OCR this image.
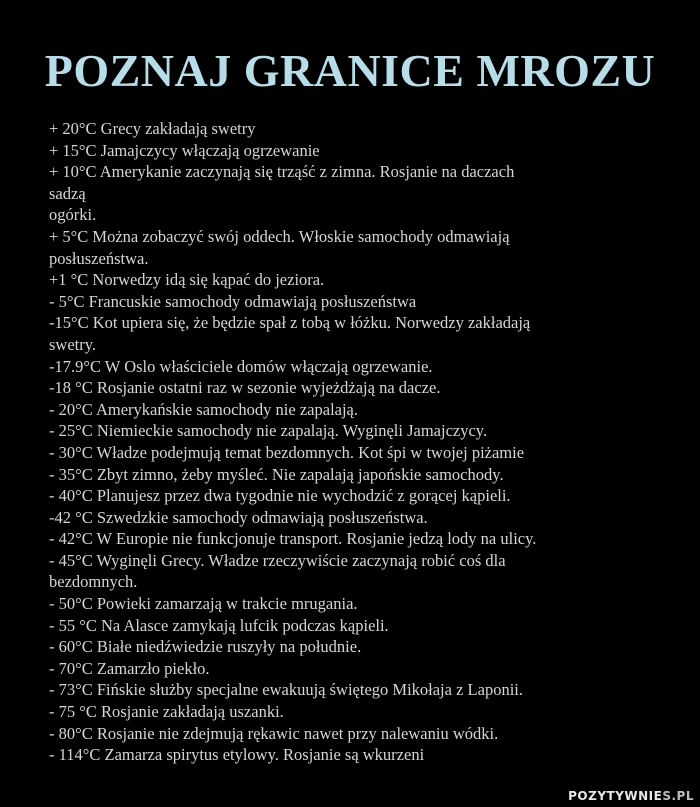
POZNAJ GRANICE MROZU
+ 20°C Grecy zakładają swetry
+ 15°C Jamajczycy włączają ogrzewanie
+ 10°C Amerykanie zaczynają się trząść z zimna. Rosjanie na daczach
sadzą
ogórki.
+ 5°C Można zobaczyć swój oddech. Włoskie samochody odmawiają
posłuszeństwa.
+1 °C Norwedzy idą się kąpać do jeziora.
- 5°C Francuskie samochody odmawiają posłuszeństwa
-15°C Kot upiera się, że będzie spał z tobą w łóżku. Norwedzy zakładają
swetry.
-17.9°C W Oslo właściciele domów włączają ogrzewanie.
-18 °C Rosjanie ostatni raz w sezonie wyjeżdżają na dacze.
- 20°C Amerykańskie samochody nie zapalają.
- 25°C Niemieckie samochody nie zapalają. Wyginęli Jamajczycy.
- 30°C Władze podejmują temat bezdomnych. Kot śpi w twojej piżamie
- 35°C Zbyt zimno, żeby myśleć. Nie zapalają japońskie samochody.
- 40°C Planujesz przez dwa tygodnie nie wychodzić z gorącej kąpieli.
-42 °C Szwedzkie samochody odmawiają posłuszeństwa.
- 42°C W Europie nie funkcjonuje transport. Rosjanie jedzą lody na ulicy.
- 45°C Wyginęli Grecy. Władze rzeczywiście zaczynają robić coś dla
bezdomnych.
- 50°C Powieki zamarzają w trakcie mrugania.
- 55 °C Na Alasce zamykają lufcik podczas kąpieli.
- 60°C Białe niedźwiedzie ruszyły na południe.
- 70°C Zamarzło piekło.
- 73°C Fińskie służby specjalne ewakuują świętego Mikołaja z Laponii.
- 75 °C Rosjanie zakładają uszanki.
- 80°C Rosjanie nie zdejmują rękawic nawet przy nalewaniu wódki.
- 114°C Zamarza spirytus etylowy. Rosjanie są wkurzeni
POZYTYWNIES.PL
